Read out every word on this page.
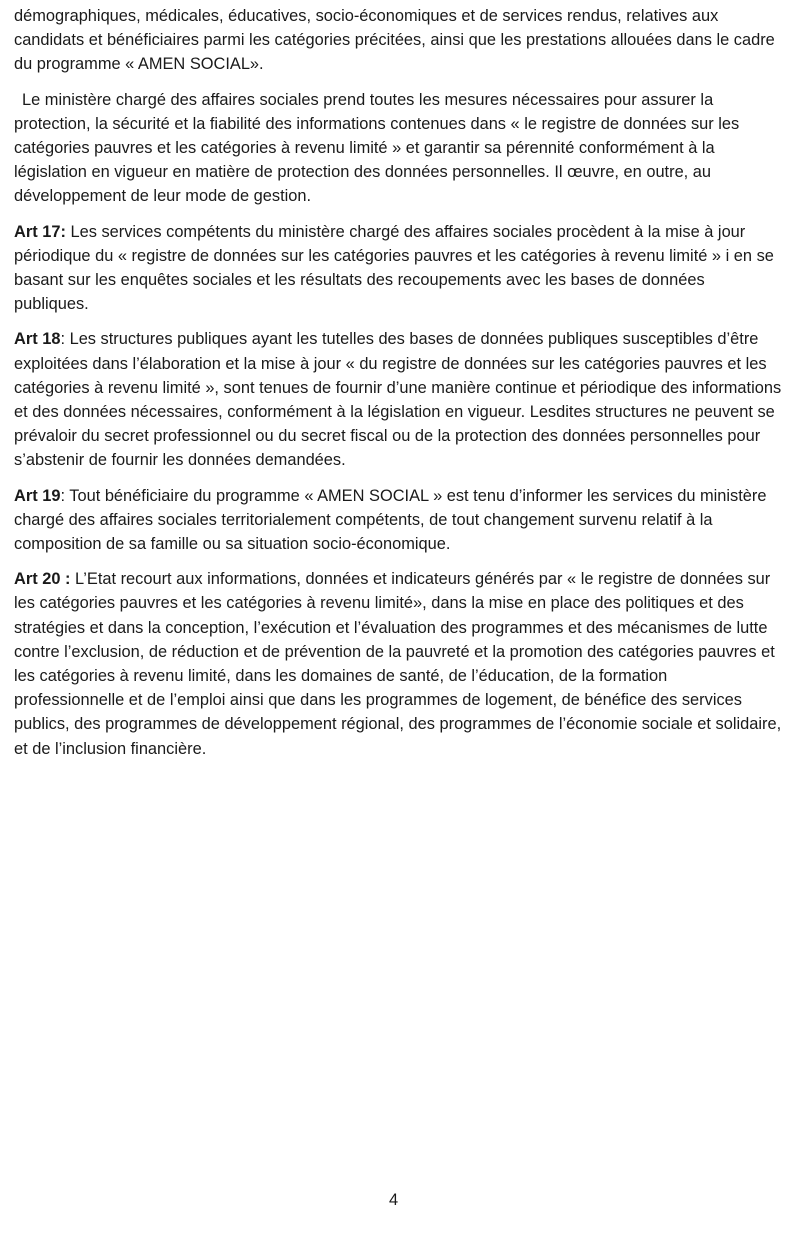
démographiques, médicales, éducatives, socio-économiques et de services rendus, relatives aux candidats et bénéficiaires parmi les catégories précitées, ainsi que les prestations allouées dans le cadre du programme « AMEN SOCIAL».

Le ministère chargé des affaires sociales prend toutes les mesures nécessaires pour assurer la protection, la sécurité et la fiabilité des informations contenues dans « le registre de données sur les catégories pauvres et les catégories à revenu limité » et garantir sa pérennité conformément à la législation en vigueur en matière de protection des données personnelles. Il œuvre, en outre, au développement de leur mode de gestion.

Art 17: Les services compétents du ministère chargé des affaires sociales procèdent à la mise à jour périodique du « registre de données sur les catégories pauvres et les catégories à revenu limité » i en se basant sur les enquêtes sociales et les résultats des recoupements avec les bases de données publiques.

Art 18: Les structures publiques ayant les tutelles des bases de données publiques susceptibles d’être exploitées dans l’élaboration et la mise à jour « du registre de données sur les catégories pauvres et les catégories à revenu limité », sont tenues de fournir d’une manière continue et périodique des informations et des données nécessaires, conformément à la législation en vigueur. Lesdites structures ne peuvent se prévaloir du secret professionnel ou du secret fiscal ou de la protection des données personnelles pour s’abstenir de fournir les données demandées.

Art 19: Tout bénéficiaire du programme « AMEN SOCIAL » est tenu d’informer les services du ministère chargé des affaires sociales territorialement compétents, de tout changement survenu relatif à la composition de sa famille ou sa situation socio-économique.

Art 20 : L’Etat recourt aux informations, données et indicateurs générés par « le registre de données sur les catégories pauvres et les catégories à revenu limité», dans la mise en place des politiques et des stratégies et dans la conception, l’exécution et l’évaluation des programmes et des mécanismes de lutte contre l’exclusion, de réduction et de prévention de la pauvreté et la promotion des catégories pauvres et les catégories à revenu limité, dans les domaines de santé, de l’éducation, de la formation professionnelle et de l’emploi ainsi que dans les programmes de logement, de bénéfice des services publics, des programmes de développement régional, des programmes de l’économie sociale et solidaire, et de l’inclusion financière.

4
